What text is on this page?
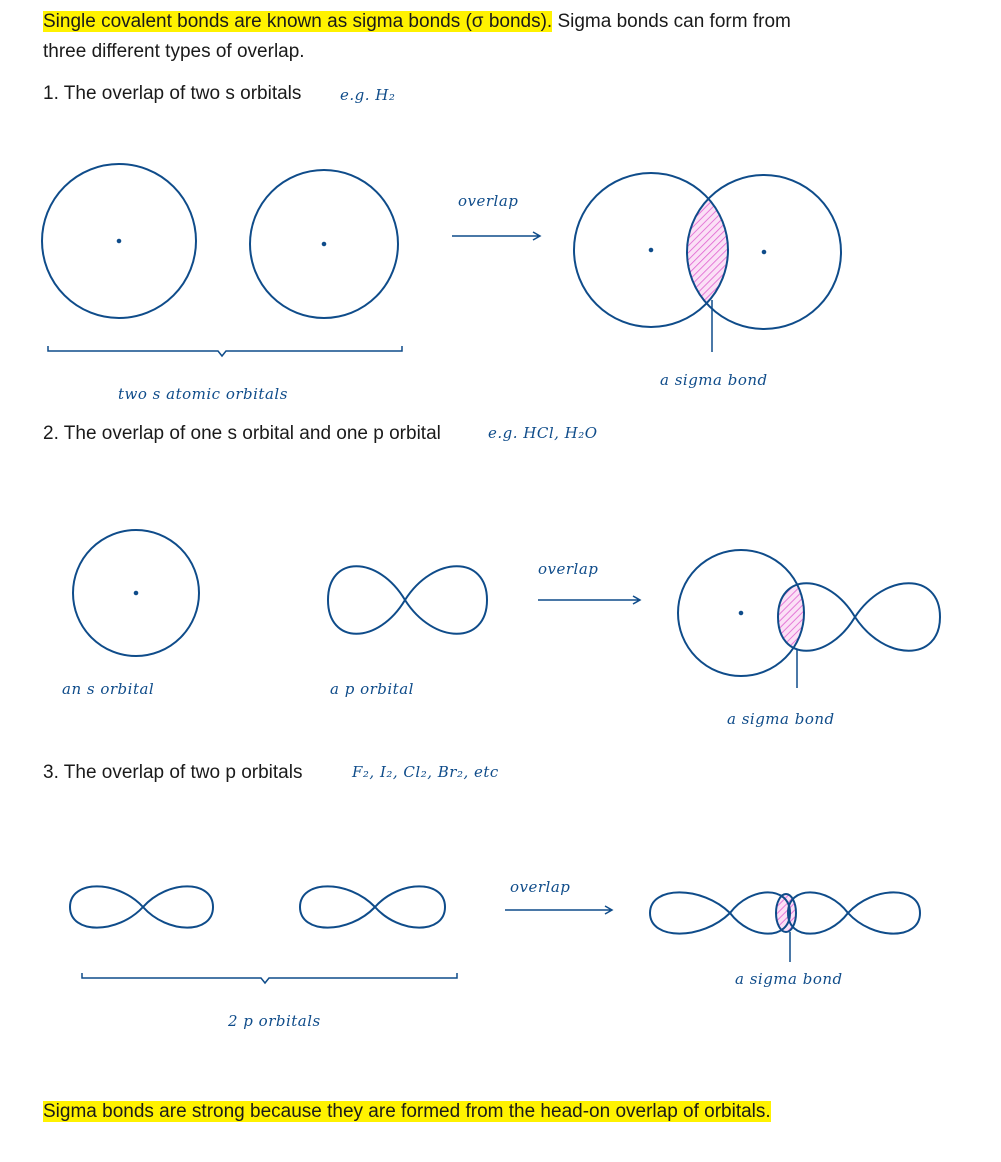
Single covalent bonds are known as sigma bonds (σ bonds). Sigma bonds can form from
three different types of overlap.
1. The overlap of two s orbitals	e.g. H₂
overlap
two s atomic orbitals
a sigma bond
2. The overlap of one s orbital and one p orbital	e.g. HCl, H₂O
overlap
an s orbital	a p orbital
a sigma bond
3. The overlap of two p orbitals	F₂, I₂, Cl₂, Br₂, etc
overlap
2 p orbitals
a sigma bond
Sigma bonds are strong because they are formed from the head-on overlap of orbitals.
